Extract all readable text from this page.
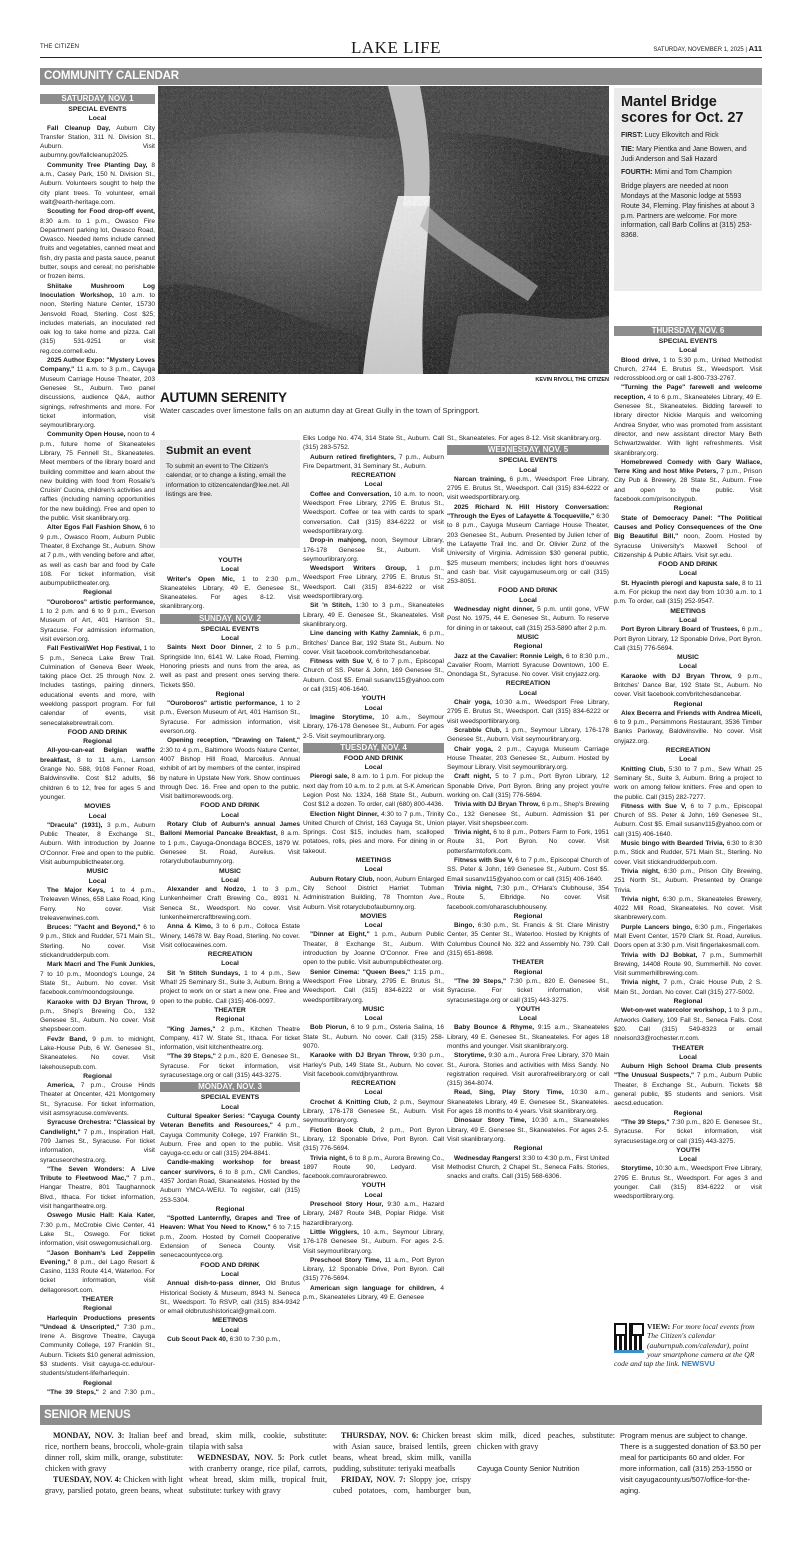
THE CITIZEN	LAKE LIFE	SATURDAY, NOVEMBER 1, 2025 | A11
COMMUNITY CALENDAR
SATURDAY, NOV. 1
SPECIAL EVENTS
Local
Fall Cleanup Day, Auburn City Transfer Station, 311 N. Division St., Auburn. Visit auburnny.gov/fallcleanup2025.
Community Tree Planting Day, 8 a.m., Casey Park, 150 N. Division St., Auburn. Volunteers sought to help the city plant trees. To volunteer, email walt@earth-heritage.com.
Scouting for Food drop-off event, 8:30 a.m. to 1 p.m., Owasco Fire Department parking lot, Owasco Road, Owasco. Needed items include canned fruits and vegetables, canned meat and fish, dry pasta and pasta sauce, peanut butter, soups and cereal; no perishable or frozen items.
Shiitake Mushroom Log Inoculation Workshop, 10 a.m. to noon, Sterling Nature Center, 15730 Jensvold Road, Sterling. Cost $25; includes materials, an inoculated red oak log to take home and pizza. Call (315) 531-9251 or visit reg.cce.cornell.edu.
2025 Author Expo: "Mystery Loves Company," 11 a.m. to 3 p.m., Cayuga Museum Carriage House Theater, 203 Genesee St., Auburn. Two panel discussions, audience Q&A, author signings, refreshments and more. For ticket information, visit seymourlibrary.org.
Community Open House, noon to 4 p.m., future home of Skaneateles Library, 75 Fennell St., Skaneateles. Meet members of the library board and building committee and learn about the new building with food from Rosalie's Cruisin' Cucina, children's activities and raffles (including naming opportunities for the new building). Free and open to the public. Visit skanlibrary.org.
Alter Egos Fall Fashion Show, 6 to 9 p.m., Owasco Room, Auburn Public Theater, 8 Exchange St., Auburn. Show at 7 p.m., with vending before and after, as well as cash bar and food by Cafe 108. For ticket information, visit auburnpublictheater.org.
Regional
"Ouroboros" artistic performance, 1 to 2 p.m. and 6 to 9 p.m., Everson Museum of Art, 401 Harrison St., Syracuse. For admission information, visit everson.org.
Fall Festival/Wet Hop Festival, 1 to 5 p.m., Seneca Lake Brew Trail. Culmination of Geneva Beer Week, taking place Oct. 25 through Nov. 2. Includes tastings, pairing dinners, educational events and more, with weeklong passport program. For full calendar of events, visit senecalakebrewtrail.com.
FOOD AND DRINK
Regional
All-you-can-eat Belgian waffle breakfast, 8 to 11 a.m., Lamson Grange No. 588, 9108 Fenner Road, Baldwinsville. Cost $12 adults, $6 children 6 to 12, free for ages 5 and younger.
MOVIES
Local
"Dracula" (1931), 3 p.m., Auburn Public Theater, 8 Exchange St., Auburn. With introduction by Joanne O'Connor. Free and open to the public. Visit auburnpublictheater.org.
MUSIC
Local
The Major Keys, 1 to 4 p.m., Treleaven Wines, 658 Lake Road, King Ferry. No cover. Visit treleavenwines.com.
Bruces: "Yacht and Beyond," 6 to 9 p.m., Stick and Rudder, 571 Main St., Sterling. No cover. Visit stickandrudderpub.com.
Mark Macri and The Funk Junkies, 7 to 10 p.m., Moondog's Lounge, 24 State St., Auburn. No cover. Visit facebook.com/moondogslounge.
Karaoke with DJ Bryan Throw, 9 p.m., Shep's Brewing Co., 132 Genesee St., Auburn. No cover. Visit shepsbeer.com.
Fev3r Band, 9 p.m. to midnight, Lake-House Pub, 6 W. Genesee St., Skaneateles. No cover. Visit lakehousepub.com.
Regional
America, 7 p.m., Crouse Hinds Theater at Oncenter, 421 Montgomery St., Syracuse. For ticket information, visit asmsyracuse.com/events.
Syracuse Orchestra: "Classical by Candlelight," 7 p.m., Inspiration Hall, 709 James St., Syracuse. For ticket information, visit syracuseorchestra.org.
"The Seven Wonders: A Live Tribute to Fleetwood Mac," 7 p.m., Hangar Theatre, 801 Taughannock Blvd., Ithaca. For ticket information, visit hangartheatre.org.
Oswego Music Hall: Kaia Kater, 7:30 p.m., McCrobie Civic Center, 41 Lake St., Oswego. For ticket information, visit oswegomusichall.org.
"Jason Bonham's Led Zeppelin Evening," 8 p.m., del Lago Resort & Casino, 1133 Route 414, Waterloo. For ticket information, visit dellagoresort.com.
THEATER
Regional
Harlequin Productions presents "Undead & Unscripted," 7:30 p.m., Irene A. Bisgrove Theatre, Cayuga Community College, 197 Franklin St., Auburn. Tickets $10 general admission, $3 students. Visit cayuga-cc.edu/our-students/student-life/harlequin.
Regional
"The 39 Steps," 2 and 7:30 p.m.,
KEVIN RIVOLI, THE CITIZEN
AUTUMN SERENITY
Water cascades over limestone falls on an autumn day at Great Gully in the town of Springport.
Submit an event
To submit an event to The Citizen's calendar, or to change a listing, email the information to citizencalendar@lee.net. All listings are free.
YOUTH
Local
Writer's Open Mic, 1 to 2:30 p.m., Skaneateles Library, 49 E. Genesee St., Skaneateles. For ages 8-12. Visit skanlibrary.org.
SUNDAY, NOV. 2
SPECIAL EVENTS
Local
Saints Next Door Dinner, 2 to 5 p.m., Springside Inn, 6141 W. Lake Road, Fleming. Honoring priests and nuns from the area, as well as past and present ones serving there. Tickets $50.
Regional
"Ouroboros" artistic performance, 1 to 2 p.m., Everson Museum of Art, 401 Harrison St., Syracuse. For admission information, visit everson.org.
Opening reception, "Drawing on Talent," 2:30 to 4 p.m., Baltimore Woods Nature Center, 4007 Bishop Hill Road, Marcellus. Annual exhibit of art by members of the center, inspired by nature in Upstate New York. Show continues through Dec. 16. Free and open to the public. Visit baltimorewoods.org.
FOOD AND DRINK
Local
Rotary Club of Auburn's annual James Balloni Memorial Pancake Breakfast, 8 a.m. to 1 p.m., Cayuga-Onondaga BOCES, 1879 W. Genesee St. Road, Aurelius. Visit rotaryclubofauburnny.org.
MUSIC
Local
Alexander and Nodzo, 1 to 3 p.m., Lunkenheimer Craft Brewing Co., 8931 N. Seneca St., Weedsport. No cover. Visit lunkenheimercraftbrewing.com.
Anna & Kimo, 3 to 6 p.m., Colloca Estate Winery, 14678 W. Bay Road, Sterling. No cover. Visit collocawines.com.
RECREATION
Local
Sit 'n Stitch Sundays, 1 to 4 p.m., Sew What! 25 Seminary St., Suite 3, Auburn. Bring a project to work on or start a new one. Free and open to the public. Call (315) 406-0097.
THEATER
Regional
"King James," 2 p.m., Kitchen Theatre Company, 417 W. State St., Ithaca. For ticket information, visit kitchentheatre.org.
"The 39 Steps," 2 p.m., 820 E. Genesee St., Syracuse. For ticket information, visit syracusestage.org or call (315) 443-3275.
MONDAY, NOV. 3
SPECIAL EVENTS
Local
Cultural Speaker Series: "Cayuga County Veteran Benefits and Resources," 4 p.m., Cayuga Community College, 197 Franklin St., Auburn. Free and open to the public. Visit cayuga-cc.edu or call (315) 294-8841.
Candle-making workshop for breast cancer survivors, 6 to 8 p.m., CMI Candles, 4357 Jordan Road, Skaneateles. Hosted by the Auburn YMCA-WEIU. To register, call (315) 253-5304.
Regional
"Spotted Lanternfly, Grapes and Tree of Heaven: What You Need to Know," 6 to 7:15 p.m., Zoom. Hosted by Cornell Cooperative Extension of Seneca County. Visit senecacountycce.org.
FOOD AND DRINK
Local
Annual dish-to-pass dinner, Old Brutus Historical Society & Museum, 8943 N. Seneca St., Weedsport. To RSVP, call (315) 834-9342 or email oldbrutushistorical@gmail.com.
MEETINGS
Local
Cub Scout Pack 40, 6:30 to 7:30 p.m.,
Elks Lodge No. 474, 314 State St., Auburn. Call (315) 283-5752.
Auburn retired firefighters, 7 p.m., Auburn Fire Department, 31 Seminary St., Auburn.
RECREATION
Local
Coffee and Conversation, 10 a.m. to noon, Weedsport Free Library, 2795 E. Brutus St., Weedsport. Coffee or tea with cards to spark conversation. Call (315) 834-6222 or visit weedsportlibrary.org.
Drop-in mahjong, noon, Seymour Library, 176-178 Genesee St., Auburn. Visit seymourlibrary.org.
Weedsport Writers Group, 1 p.m., Weedsport Free Library, 2795 E. Brutus St., Weedsport. Call (315) 834-6222 or visit weedsportlibrary.org.
Sit 'n Stitch, 1:30 to 3 p.m., Skaneateles Library, 49 E. Genesee St., Skaneateles. Visit skanlibrary.org.
Line dancing with Kathy Zamniak, 6 p.m., Britches' Dance Bar, 192 State St., Auburn. No cover. Visit facebook.com/britchesdancebar.
Fitness with Sue V, 6 to 7 p.m., Episcopal Church of SS. Peter & John, 169 Genesee St., Auburn. Cost $5. Email susanv115@yahoo.com or call (315) 406-1640.
YOUTH
Local
Imagine Storytime, 10 a.m., Seymour Library, 176-178 Genesee St., Auburn. For ages 2-5. Visit seymourlibrary.org.
TUESDAY, NOV. 4
FOOD AND DRINK
Local
Pierogi sale, 8 a.m. to 1 p.m. For pickup the next day from 10 a.m. to 2 p.m. at S-K American Legion Post No. 1324, 168 State St., Auburn. Cost $12 a dozen. To order, call (680) 800-4436.
Election Night Dinner, 4:30 to 7 p.m., Trinity United Church of Christ, 163 Cayuga St., Union Springs. Cost $15, includes ham, scalloped potatoes, rolls, pies and more. For dining in or takeout.
MEETINGS
Local
Auburn Rotary Club, noon, Auburn Enlarged City School District Harriet Tubman Administration Building, 78 Thornton Ave., Auburn. Visit rotaryclubofauburnny.org.
MOVIES
Local
"Dinner at Eight," 1 p.m., Auburn Public Theater, 8 Exchange St., Auburn. With introduction by Joanne O'Connor. Free and open to the public. Visit auburnpublictheater.org.
Senior Cinema: "Queen Bees," 1:15 p.m., Weedsport Free Library, 2795 E. Brutus St., Weedsport. Call (315) 834-6222 or visit weedsportlibrary.org.
MUSIC
Local
Bob Piorun, 6 to 9 p.m., Osteria Salina, 16 State St., Auburn. No cover. Call (315) 258-9070.
Karaoke with DJ Bryan Throw, 9:30 p.m., Harley's Pub, 149 State St., Auburn. No cover. Visit facebook.com/djbryanthrow.
RECREATION
Local
Crochet & Knitting Club, 2 p.m., Seymour Library, 176-178 Genesee St., Auburn. Visit seymourlibrary.org.
Fiction Book Club, 2 p.m., Port Byron Library, 12 Sponable Drive, Port Byron. Call (315) 776-5694.
Trivia night, 6 to 8 p.m., Aurora Brewing Co., 1897 Route 90, Ledyard. Visit facebook.com/aurorabrewco.
YOUTH
Local
Preschool Story Hour, 9:30 a.m., Hazard Library, 2487 Route 34B, Poplar Ridge. Visit hazardlibrary.org.
Little Wigglers, 10 a.m., Seymour Library, 176-178 Genesee St., Auburn. For ages 2-5. Visit seymourlibrary.org.
Preschool Story Time, 11 a.m., Port Byron Library, 12 Sponable Drive, Port Byron. Call (315) 776-5694.
American sign language for children, 4 p.m., Skaneateles Library, 49 E. Genesee
St., Skaneateles. For ages 8-12. Visit skanlibrary.org.
WEDNESDAY, NOV. 5
SPECIAL EVENTS
Local
Narcan training, 6 p.m., Weedsport Free Library, 2795 E. Brutus St., Weedsport. Call (315) 834-6222 or visit weedsportlibrary.org.
2025 Richard N. Hill History Conversation: "Through the Eyes of Lafayette & Tocqueville," 6:30 to 8 p.m., Cayuga Museum Carriage House Theater, 203 Genesee St., Auburn. Presented by Julien Icher of the Lafayette Trail Inc. and Dr. Olivier Zunz of the University of Virginia. Admission $30 general public, $25 museum members; includes light hors d'oeuvres and cash bar. Visit cayugamuseum.org or call (315) 253-8051.
FOOD AND DRINK
Local
Wednesday night dinner, 5 p.m. until gone, VFW Post No. 1975, 44 E. Genesee St., Auburn. To reserve for dining in or takeout, call (315) 253-5890 after 2 p.m.
MUSIC
Regional
Jazz at the Cavalier: Ronnie Leigh, 6 to 8:30 p.m., Cavalier Room, Marriott Syracuse Downtown, 100 E. Onondaga St., Syracuse. No cover. Visit cnyjazz.org.
RECREATION
Local
Chair yoga, 10:30 a.m., Weedsport Free Library, 2795 E. Brutus St., Weedsport. Call (315) 834-6222 or visit weedsportlibrary.org.
Scrabble Club, 1 p.m., Seymour Library, 176-178 Genesee St., Auburn. Visit seymourlibrary.org.
Chair yoga, 2 p.m., Cayuga Museum Carriage House Theater, 203 Genesee St., Auburn. Hosted by Seymour Library. Visit seymourlibrary.org.
Craft night, 5 to 7 p.m., Port Byron Library, 12 Sponable Drive, Port Byron. Bring any project you're working on. Call (315) 776-5694.
Trivia with DJ Bryan Throw, 6 p.m., Shep's Brewing Co., 132 Genesee St., Auburn. Admission $1 per player. Visit shepsbeer.com.
Trivia night, 6 to 8 p.m., Potters Farm to Fork, 1951 Route 31, Port Byron. No cover. Visit pottersfarmtofork.com.
Fitness with Sue V, 6 to 7 p.m., Episcopal Church of SS. Peter & John, 169 Genesee St., Auburn. Cost $5. Email susanv115@yahoo.com or call (315) 406-1640.
Trivia night, 7:30 p.m., O'Hara's Clubhouse, 354 Route 5, Elbridge. No cover. Visit facebook.com/oharasclubhouseny.
Regional
Bingo, 6:30 p.m., St. Francis & St. Clare Ministry Center, 35 Center St., Waterloo. Hosted by Knights of Columbus Council No. 322 and Assembly No. 739. Call (315) 651-8698.
THEATER
Regional
"The 39 Steps," 7:30 p.m., 820 E. Genesee St., Syracuse. For ticket information, visit syracusestage.org or call (315) 443-3275.
YOUTH
Local
Baby Bounce & Rhyme, 9:15 a.m., Skaneateles Library, 49 E. Genesee St., Skaneateles. For ages 18 months and younger. Visit skanlibrary.org.
Storytime, 9:30 a.m., Aurora Free Library, 370 Main St., Aurora. Stories and activities with Miss Sandy. No registration required. Visit aurorafreelibrary.org or call (315) 364-8074.
Read, Sing, Play Story Time, 10:30 a.m., Skaneateles Library, 49 E. Genesee St., Skaneateles. For ages 18 months to 4 years. Visit skanlibrary.org.
Dinosaur Story Time, 10:30 a.m., Skaneateles Library, 49 E. Genesee St., Skaneateles. For ages 2-5. Visit skanlibrary.org.
Regional
Wednesday Rangers! 3:30 to 4:30 p.m., First United Methodist Church, 2 Chapel St., Seneca Falls. Stories, snacks and crafts. Call (315) 568-6306.
Mantel Bridge scores for Oct. 27

FIRST: Lucy Elkovitch and Rick

TIE: Mary Pientka and Jane Bowen, and Judi Anderson and Sali Hazard

FOURTH: Mimi and Tom Champion

Bridge players are needed at noon Mondays at the Masonic lodge at 5593 Route 34, Fleming. Play finishes at about 3 p.m. Partners are welcome. For more information, call Barb Collins at (315) 253-8368.

THURSDAY, NOV. 6
SPECIAL EVENTS
Local
Blood drive, 1 to 5:30 p.m., United Methodist Church, 2744 E. Brutus St., Weedsport. Visit redcrossblood.org or call 1-800-733-2767.
"Turning the Page" farewell and welcome reception, 4 to 6 p.m., Skaneateles Library, 49 E. Genesee St., Skaneateles. Bidding farewell to library director Nickie Marquis and welcoming Andrea Snyder, who was promoted from assistant director, and new assistant director Mary Beth Schwartzwalder. With light refreshments. Visit skanlibrary.org.
Homebrewed Comedy with Gary Wallace, Terre King and host Mike Peters, 7 p.m., Prison City Pub & Brewery, 28 State St., Auburn. Free and open to the public. Visit facebook.com/prisoncitypub.
Regional
State of Democracy Panel: "The Political Causes and Policy Consequences of the One Big Beautiful Bill," noon, Zoom. Hosted by Syracuse University's Maxwell School of Citizenship & Public Affairs. Visit syr.edu.
FOOD AND DRINK
Local
St. Hyacinth pierogi and kapusta sale, 8 to 11 a.m. For pickup the next day from 10:30 a.m. to 1 p.m. To order, call (315) 252-9547.
MEETINGS
Local
Port Byron Library Board of Trustees, 6 p.m., Port Byron Library, 12 Sponable Drive, Port Byron. Call (315) 776-5694.
MUSIC
Local
Karaoke with DJ Bryan Throw, 9 p.m., Britches' Dance Bar, 192 State St., Auburn. No cover. Visit facebook.com/britchesdancebar.
Regional
Alex Becerra and Friends with Andrea Miceli, 6 to 9 p.m., Persimmons Restaurant, 3536 Timber Banks Parkway, Baldwinsville. No cover. Visit cnyjazz.org.
RECREATION
Local
Knitting Club, 5:30 to 7 p.m., Sew What! 25 Seminary St., Suite 3, Auburn. Bring a project to work on among fellow knitters. Free and open to the public. Call (315) 282-7277.
Fitness with Sue V, 6 to 7 p.m., Episcopal Church of SS. Peter & John, 169 Genesee St., Auburn. Cost $5. Email susanv115@yahoo.com or call (315) 406-1640.
Music bingo with Bearded Trivia, 6:30 to 8:30 p.m., Stick and Rudder, 571 Main St., Sterling. No cover. Visit stickandrudderpub.com.
Trivia night, 6:30 p.m., Prison City Brewing, 251 North St., Auburn. Presented by Orange Trivia.
Trivia night, 6:30 p.m., Skaneateles Brewery, 4022 Mill Road, Skaneateles. No cover. Visit skanbrewery.com.
Purple Lancers bingo, 6:30 p.m., Fingerlakes Mall Event Center, 1579 Clark St. Road, Aurelius. Doors open at 3:30 p.m. Visit fingerlakesmall.com.
Trivia with DJ Bobkat, 7 p.m., Summerhill Brewing, 14408 Route 90, Summerhill. No cover. Visit summerhillbrewing.com.
Trivia night, 7 p.m., Craic House Pub, 2 S. Main St., Jordan. No cover. Call (315) 277-5002.
Regional
Wet-on-wet watercolor workshop, 1 to 3 p.m., Artworks Gallery, 109 Fall St., Seneca Falls. Cost $20. Call (315) 549-8323 or email nnelson33@rochester.rr.com.
THEATER
Local
Auburn High School Drama Club presents "The Unusual Suspects," 7 p.m., Auburn Public Theater, 8 Exchange St., Auburn. Tickets $8 general public, $5 students and seniors. Visit aecsd.education.
Regional
"The 39 Steps," 7:30 p.m., 820 E. Genesee St., Syracuse. For ticket information, visit syracusestage.org or call (315) 443-3275.
YOUTH
Local
Storytime, 10:30 a.m., Weedsport Free Library, 2795 E. Brutus St., Weedsport. For ages 3 and younger. Call (315) 834-6222 or visit weedsportlibrary.org.
VIEW: For more local events from The Citizen's calendar (auburnpub.com/calendar), point your smartphone camera at the QR code and tap the link. NEWSVU
SENIOR MENUS

MONDAY, NOV. 3: Italian beef and rice, northern beans, broccoli, whole-grain dinner roll, skim milk, orange, substitute: chicken with gravy

TUESDAY, NOV. 4: Chicken with light gravy, parslied potato, green beans, wheat bread, skim milk, cookie, substitute: tilapia with salsa

WEDNESDAY, NOV. 5: Pork cutlet with cranberry orange, rice pilaf, carrots, wheat bread, skim milk, tropical fruit, substitute: turkey with gravy

THURSDAY, NOV. 6: Chicken breast with Asian sauce, braised lentils, green beans, wheat bread, skim milk, vanilla pudding, substitute: teriyaki meatballs

FRIDAY, NOV. 7: Sloppy joe, crispy cubed potatoes, corn, hamburger bun, skim milk, diced peaches, substitute: chicken with gravy

Cayuga County Senior Nutrition

Program menus are subject to change. There is a suggested donation of $3.50 per meal for participants 60 and older. For more information, call (315) 253-1550 or visit cayugacounty.us/507/office-for-the-aging.
